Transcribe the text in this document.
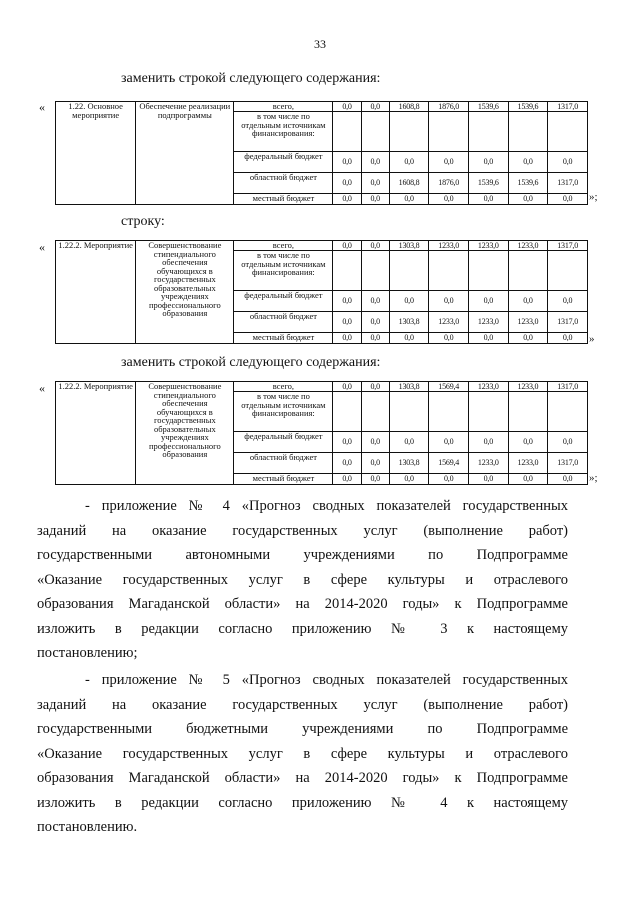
33
заменить строкой следующего содержания:
«	1.22. Основное мероприятие	Обеспечение реализации подпрограммы	всего,	0,0	0,0	1608,8	1876,0	1539,6	1539,6	1317,0
		в том числе по отдельным источникам финансирования:							
		федеральный бюджет	0,0	0,0	0,0	0,0	0,0	0,0	0,0
		областной бюджет	0,0	0,0	1608,8	1876,0	1539,6	1539,6	1317,0
		местный бюджет	0,0	0,0	0,0	0,0	0,0	0,0	0,0 »;
строку:
« 1.22.2. Мероприятие	Совершенствование стипендиального обеспечения обучающихся в государственных образовательных учреждениях профессионального образования	всего,	0,0	0,0	1303,8	1233,0	1233,0	1233,0	1317,0
		в том числе по отдельным источникам финансирования:							
		федеральный бюджет	0,0	0,0	0,0	0,0	0,0	0,0	0,0
		областной бюджет	0,0	0,0	1303,8	1233,0	1233,0	1233,0	1317,0
		местный бюджет	0,0	0,0	0,0	0,0	0,0	0,0	0,0 »
заменить строкой следующего содержания:
« 1.22.2. Мероприятие	Совершенствование стипендиального обеспечения обучающихся в государственных образовательных учреждениях профессионального образования	всего,	0,0	0,0	1303,8	1569,4	1233,0	1233,0	1317,0
		в том числе по отдельным источникам финансирования:							
		федеральный бюджет	0,0	0,0	0,0	0,0	0,0	0,0	0,0
		областной бюджет	0,0	0,0	1303,8	1569,4	1233,0	1233,0	1317,0
		местный бюджет	0,0	0,0	0,0	0,0	0,0	0,0	0,0 »;
- приложение № 4 «Прогноз сводных показателей государственных
заданий на оказание государственных услуг (выполнение работ)
государственными автономными учреждениями по Подпрограмме
«Оказание государственных услуг в сфере культуры и отраслевого
образования Магаданской области» на 2014-2020 годы» к Подпрограмме
изложить в редакции согласно приложению № 3 к настоящему
постановлению;
- приложение № 5 «Прогноз сводных показателей государственных
заданий на оказание государственных услуг (выполнение работ)
государственными бюджетными учреждениями по Подпрограмме
«Оказание государственных услуг в сфере культуры и отраслевого
образования Магаданской области» на 2014-2020 годы» к Подпрограмме
изложить в редакции согласно приложению № 4 к настоящему
постановлению.
